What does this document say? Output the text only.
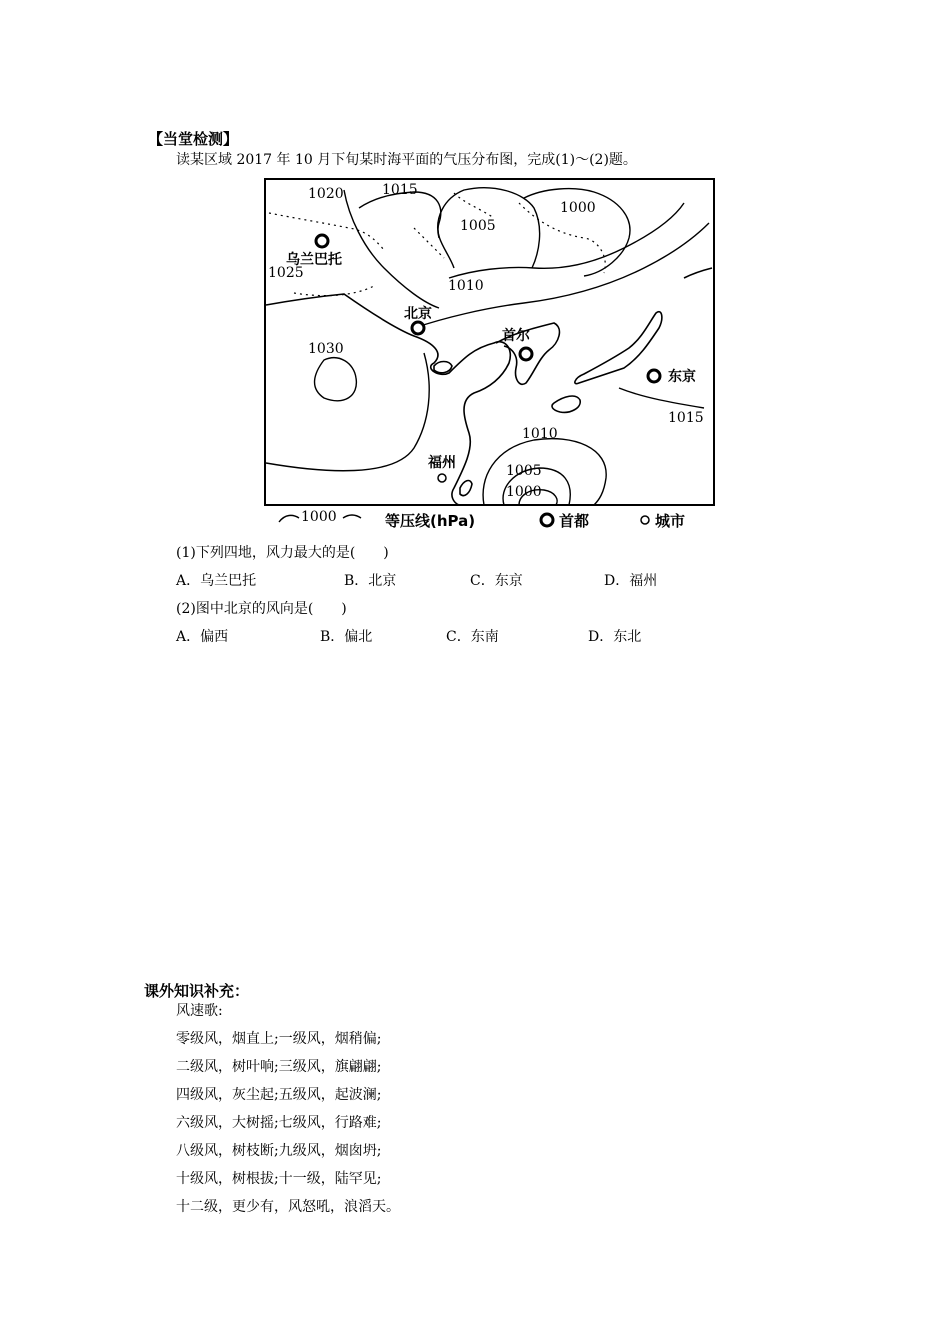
【当堂检测】
读某区域 2017 年 10 月下旬某时海平面的气压分布图，完成(1)～(2)题。
1020	1015
1005
1000
1025
1010
1030
1010
1005
1000
1015
乌兰巴托
北京
首尔
东京
福州
1000	等压线(hPa)	首都	城市
(1)下列四地，风力最大的是(　　)
A．乌兰巴托	B．北京	C．东京	D．福州
(2)图中北京的风向是(　　)
A．偏西	B．偏北	C．东南	D．东北
课外知识补充：
风速歌:
零级风，烟直上;一级风，烟稍偏;
二级风，树叶响;三级风，旗翩翩;
四级风，灰尘起;五级风，起波澜;
六级风，大树摇;七级风，行路难;
八级风，树枝断;九级风，烟囱坍;
十级风，树根拔;十一级，陆罕见;
十二级，更少有，风怒吼，浪滔天。
